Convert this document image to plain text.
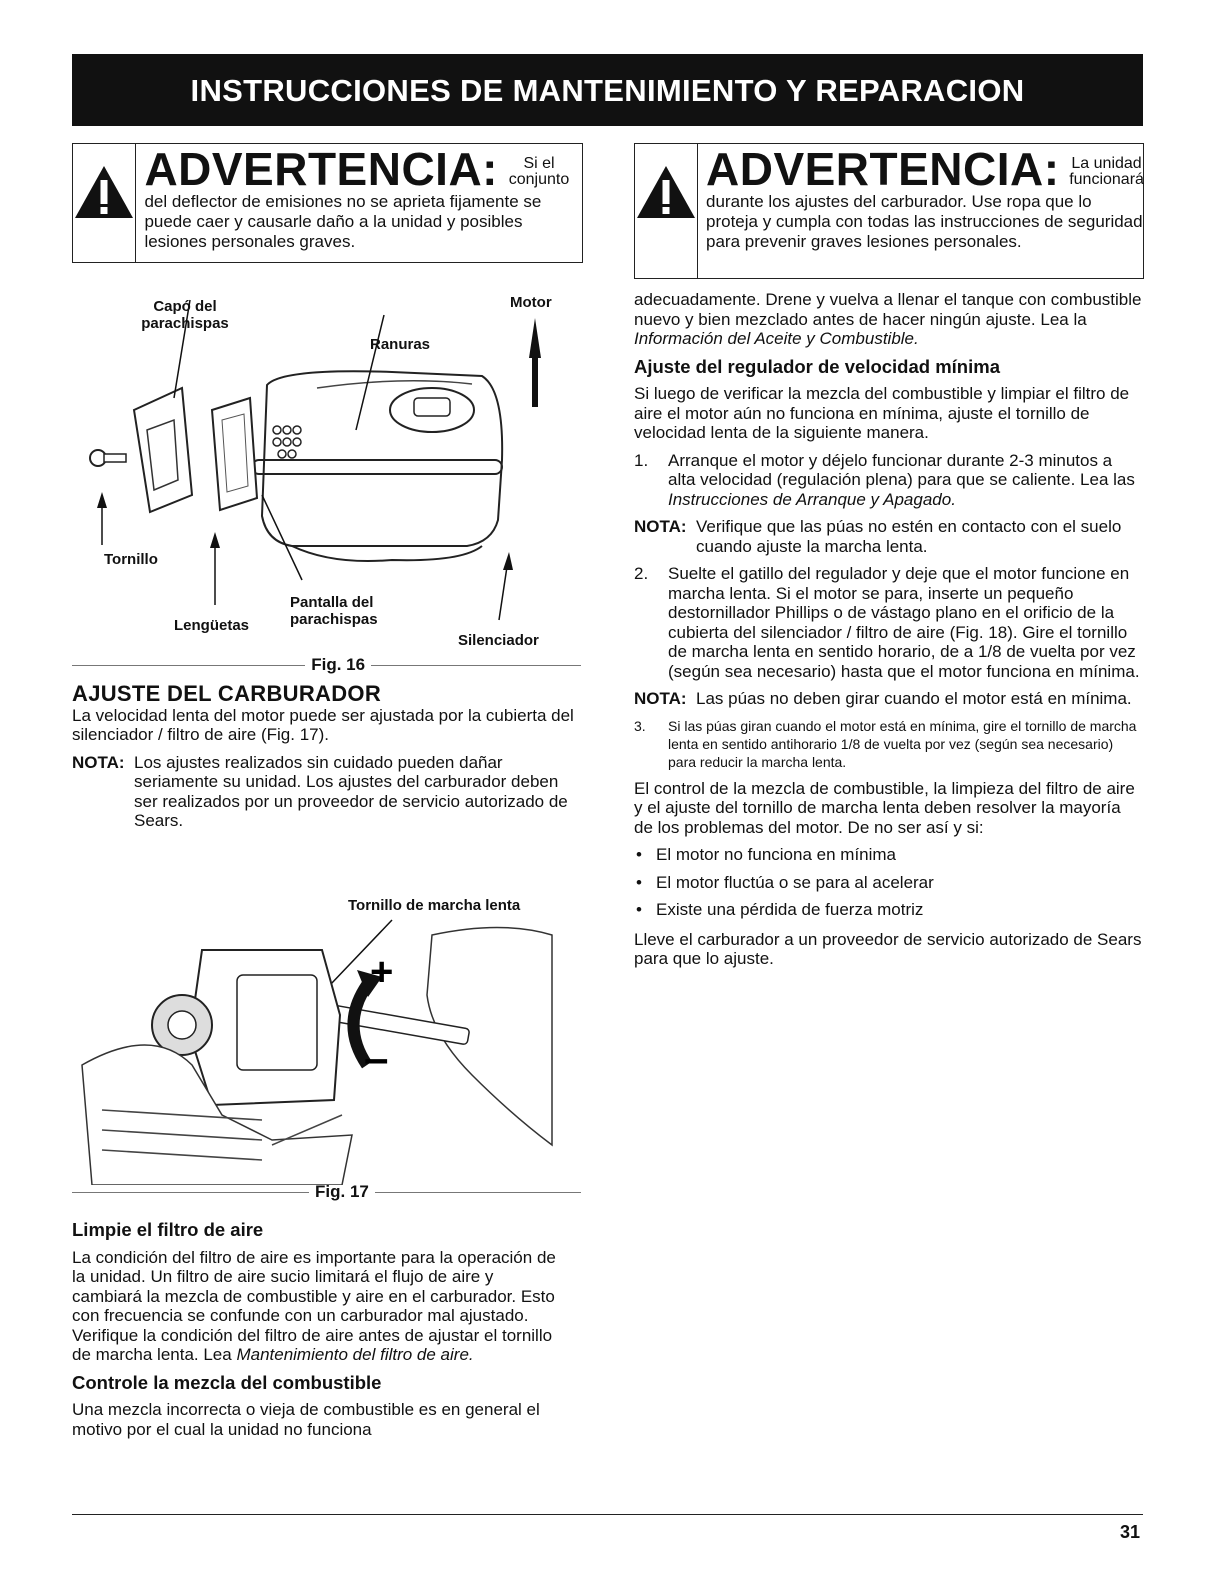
INSTRUCCIONES DE MANTENIMIENTO Y REPARACION
ADVERTENCIA:	Si el conjunto
del deflector de emisiones no se aprieta fijamente se puede caer y causarle daño a la unidad y posibles lesiones personales graves.
ADVERTENCIA: La unidad funcionará
durante los ajustes del carburador. Use ropa que lo proteja y cumpla con todas las instrucciones de seguridad para prevenir graves lesiones personales.
Capó del parachispas
Motor
Ranuras
Tornillo
Lengüetas
Pantalla del parachispas
Silenciador
Fig. 16
AJUSTE DEL CARBURADOR

La velocidad lenta del motor puede ser ajustada por la cubierta del silenciador / filtro de aire (Fig. 17).

NOTA: Los ajustes realizados sin cuidado pueden dañar seriamente su unidad. Los ajustes del carburador deben ser realizados por un proveedor de servicio autorizado de Sears.
Tornillo de marcha lenta
+
–
Fig. 17
Limpie el filtro de aire

La condición del filtro de aire es importante para la operación de la unidad. Un filtro de aire sucio limitará el flujo de aire y cambiará la mezcla de combustible y aire en el carburador. Esto con frecuencia se confunde con un carburador mal ajustado. Verifique la condición del filtro de aire antes de ajustar el tornillo de marcha lenta. Lea Mantenimiento del filtro de aire.

Controle la mezcla del combustible

Una mezcla incorrecta o vieja de combustible es en general el motivo por el cual la unidad no funciona

adecuadamente. Drene y vuelva a llenar el tanque con combustible nuevo y bien mezclado antes de hacer ningún ajuste. Lea la Información del Aceite y Combustible.

Ajuste del regulador de velocidad mínima

Si luego de verificar la mezcla del combustible y limpiar el filtro de aire el motor aún no funciona en mínima, ajuste el tornillo de velocidad lenta de la siguiente manera.

1.	Arranque el motor y déjelo funcionar durante 2-3 minutos a alta velocidad (regulación plena) para que se caliente. Lea las Instrucciones de Arranque y Apagado.
NOTA: Verifique que las púas no estén en contacto con el suelo cuando ajuste la marcha lenta.
2.	Suelte el gatillo del regulador y deje que el motor funcione en marcha lenta. Si el motor se para, inserte un pequeño destornillador Phillips o de vástago plano en el orificio de la cubierta del silenciador / filtro de aire (Fig. 18). Gire el tornillo de marcha lenta en sentido horario, de a 1/8 de vuelta por vez (según sea necesario) hasta que el motor funciona en mínima.
NOTA: Las púas no deben girar cuando el motor está en mínima.
3.	Si las púas giran cuando el motor está en mínima, gire el tornillo de marcha lenta en sentido antihorario 1/8 de vuelta por vez (según sea necesario) para reducir la marcha lenta.

El control de la mezcla de combustible, la limpieza del filtro de aire y el ajuste del tornillo de marcha lenta deben resolver la mayoría de los problemas del motor. De no ser así y si:

• El motor no funciona en mínima
• El motor fluctúa o se para al acelerar
• Existe una pérdida de fuerza motriz

Lleve el carburador a un proveedor de servicio autorizado de Sears para que lo ajuste.

31
